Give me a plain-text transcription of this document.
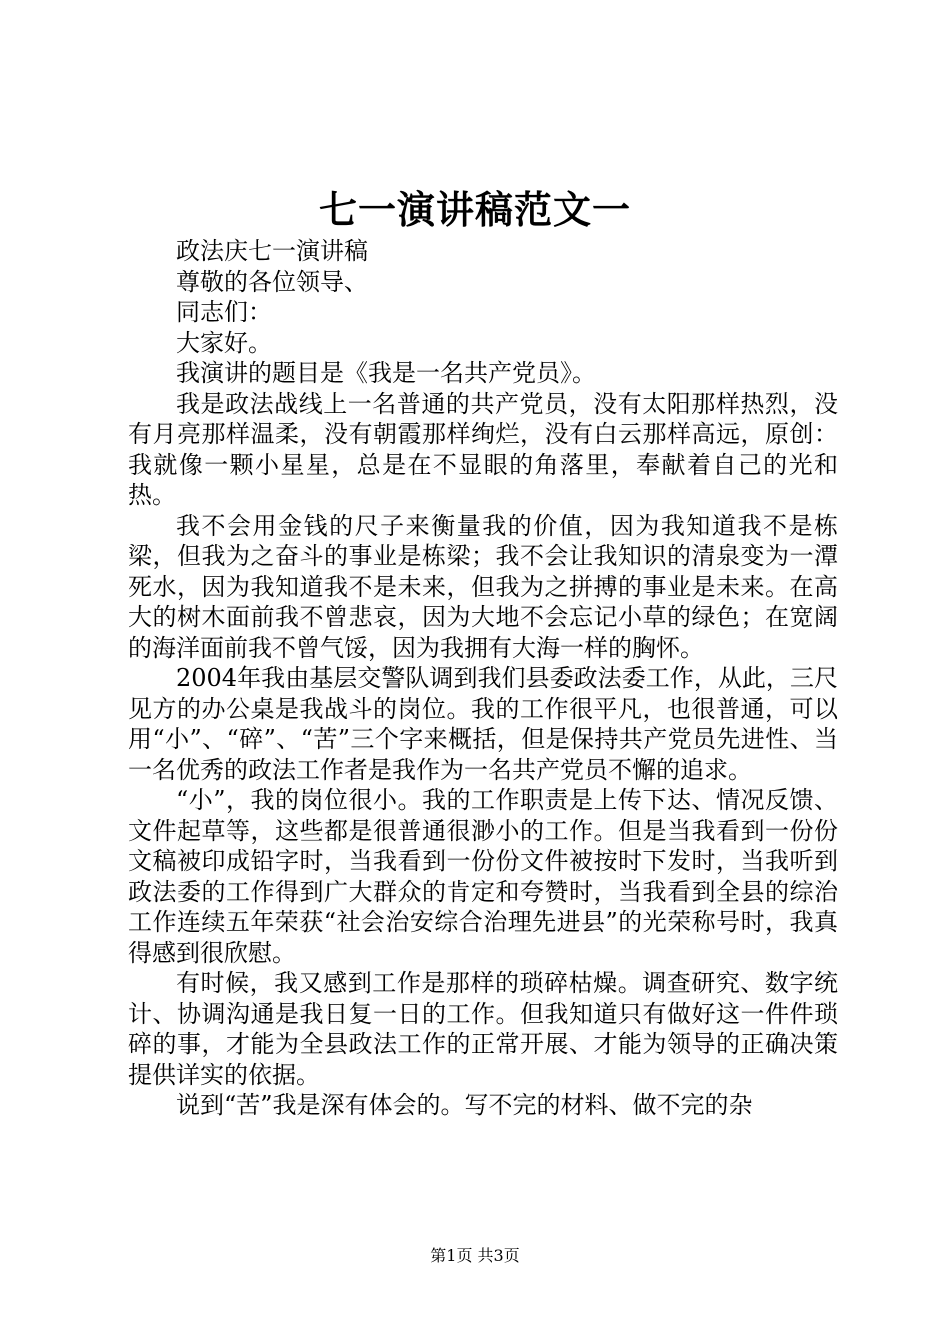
七一演讲稿范文一

政法庆七一演讲稿

尊敬的各位领导、

同志们：

大家好。

我演讲的题目是《我是一名共产党员》。

我是政法战线上一名普通的共产党员，没有太阳那样热烈，没有月亮那样温柔，没有朝霞那样绚烂，没有白云那样高远，原创：我就像一颗小星星，总是在不显眼的角落里，奉献着自己的光和热。

我不会用金钱的尺子来衡量我的价值，因为我知道我不是栋梁，但我为之奋斗的事业是栋梁；我不会让我知识的清泉变为一潭死水，因为我知道我不是未来，但我为之拼搏的事业是未来。在高大的树木面前我不曾悲哀，因为大地不会忘记小草的绿色；在宽阔的海洋面前我不曾气馁，因为我拥有大海一样的胸怀。

2004年我由基层交警队调到我们县委政法委工作，从此，三尺见方的办公桌是我战斗的岗位。我的工作很平凡，也很普通，可以用“小”、“碎”、“苦”三个字来概括，但是保持共产党员先进性、当一名优秀的政法工作者是我作为一名共产党员不懈的追求。

“小”，我的岗位很小。我的工作职责是上传下达、情况反馈、文件起草等，这些都是很普通很渺小的工作。但是当我看到一份份文稿被印成铅字时，当我看到一份份文件被按时下发时，当我听到政法委的工作得到广大群众的肯定和夸赞时，当我看到全县的综治工作连续五年荣获“社会治安综合治理先进县”的光荣称号时，我真得感到很欣慰。

有时候，我又感到工作是那样的琐碎枯燥。调查研究、数字统计、协调沟通是我日复一日的工作。但我知道只有做好这一件件琐碎的事，才能为全县政法工作的正常开展、才能为领导的正确决策提供详实的依据。

说到“苦”我是深有体会的。写不完的材料、做不完的杂

第1页 共3页
